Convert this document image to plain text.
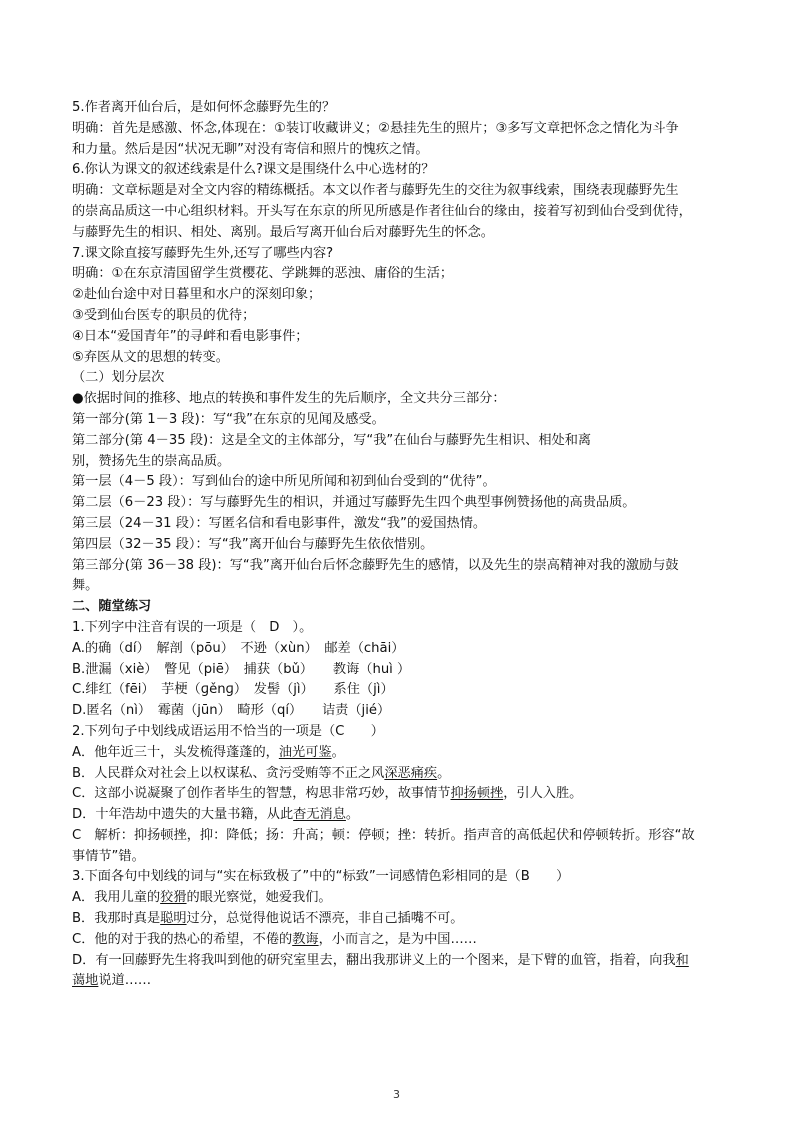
5.作者离开仙台后，是如何怀念藤野先生的？
明确：首先是感激、怀念,体现在：①装订收藏讲义；②悬挂先生的照片；③多写文章把怀念之情化为斗争
和力量。然后是因“状况无聊”对没有寄信和照片的愧疚之情。
6.你认为课文的叙述线索是什么?课文是围绕什么中心选材的？
明确：文章标题是对全文内容的精练概括。本文以作者与藤野先生的交往为叙事线索，围绕表现藤野先生
的崇高品质这一中心组织材料。开头写在东京的所见所感是作者往仙台的缘由，接着写初到仙台受到优待，
与藤野先生的相识、相处、离别。最后写离开仙台后对藤野先生的怀念。
7.课文除直接写藤野先生外,还写了哪些内容?
明确：①在东京清国留学生赏樱花、学跳舞的恶浊、庸俗的生活；
②赴仙台途中对日暮里和水户的深刻印象；
③受到仙台医专的职员的优待；
④日本“爱国青年”的寻衅和看电影事件；
⑤弃医从文的思想的转变。
（二）划分层次
●依据时间的推移、地点的转换和事件发生的先后顺序，全文共分三部分：
第一部分(第 1－3 段)：写“我”在东京的见闻及感受。
第二部分(第 4－35 段)：这是全文的主体部分，写“我”在仙台与藤野先生相识、相处和离
别，赞扬先生的崇高品质。
第一层（4－5 段）：写到仙台的途中所见所闻和初到仙台受到的“优待”。
第二层（6－23 段）：写与藤野先生的相识，并通过写藤野先生四个典型事例赞扬他的高贵品质。
第三层（24－31 段）：写匿名信和看电影事件，激发“我”的爱国热情。
第四层（32－35 段）：写“我”离开仙台与藤野先生依依惜别。
第三部分(第 36－38 段)：写“我”离开仙台后怀念藤野先生的感情，以及先生的崇高精神对我的激励与鼓
舞。
二、随堂练习
1.下列字中注音有误的一项是（　D　）。
A.的确（dí）　解剖（pōu）　不逊（xùn）　邮差（chāi）
B.泄漏（xiè）　瞥见（piē）　捕获（bǔ）　　教诲（huì ）
C.绯红（fēi）　芋梗（ɡěnɡ）　发髻（jì）　　系住（jì）
D.匿名（nì）　霉菌（jūn）　畸形（qí）　　诘责（jié）
2.下列句子中划线成语运用不恰当的一项是（C　　）
A．他年近三十，头发梳得蓬蓬的，油光可鉴。
B．人民群众对社会上以权谋私、贪污受贿等不正之风深恶痛疾。
C．这部小说凝聚了创作者毕生的智慧，构思非常巧妙，故事情节抑扬顿挫，引人入胜。
D．十年浩劫中遗失的大量书籍，从此杳无消息。
C　解析：抑扬顿挫，抑：降低；扬：升高；顿：停顿；挫：转折。指声音的高低起伏和停顿转折。形容“故
事情节”错。
3.下面各句中划线的词与“实在标致极了”中的“标致”一词感情色彩相同的是（B　　）
A．我用儿童的狡猾的眼光察觉，她爱我们。
B．我那时真是聪明过分，总觉得他说话不漂亮，非自己插嘴不可。
C．他的对于我的热心的希望，不倦的教诲，小而言之，是为中国……
D．有一回藤野先生将我叫到他的研究室里去，翻出我那讲义上的一个图来，是下臂的血管，指着，向我和
蔼地说道……
3
